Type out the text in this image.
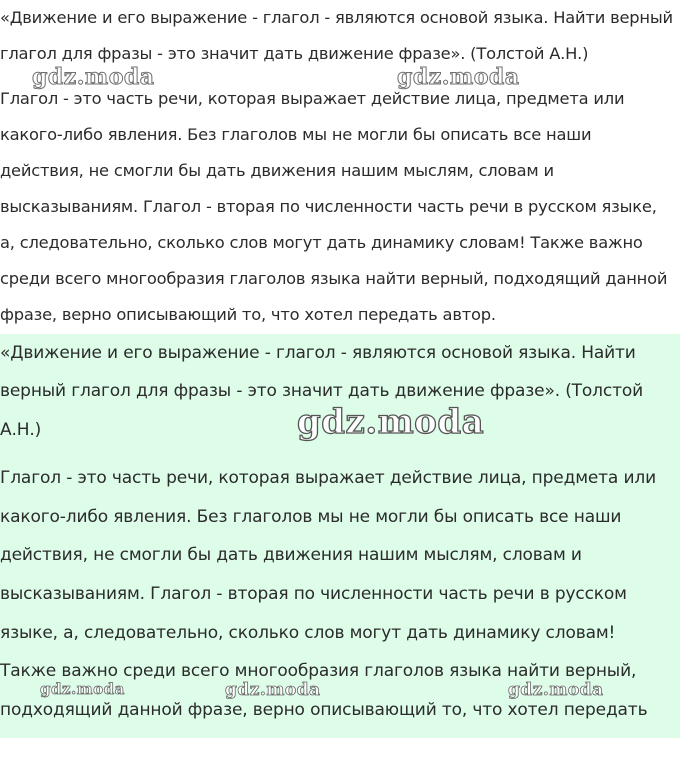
«Движение и его выражение - глагол - являются основой языка. Найти верный
глагол для фразы - это значит дать движение фразе». (Толстой А.Н.)
Глагол - это часть речи, которая выражает действие лица, предмета или
какого-либо явления. Без глаголов мы не могли бы описать все наши
действия, не смогли бы дать движения нашим мыслям, словам и
высказываниям. Глагол - вторая по численности часть речи в русском языке,
а, следовательно, сколько слов могут дать динамику словам! Также важно
среди всего многообразия глаголов языка найти верный, подходящий данной
фразе, верно описывающий то, что хотел передать автор.
gdz.moda	gdz.moda
«Движение и его выражение - глагол - являются основой языка. Найти
верный глагол для фразы - это значит дать движение фразе». (Толстой
А.Н.)
Глагол - это часть речи, которая выражает действие лица, предмета или
какого-либо явления. Без глаголов мы не могли бы описать все наши
действия, не смогли бы дать движения нашим мыслям, словам и
высказываниям. Глагол - вторая по численности часть речи в русском
языке, а, следовательно, сколько слов могут дать динамику словам!
Также важно среди всего многообразия глаголов языка найти верный,
подходящий данной фразе, верно описывающий то, что хотел передать
gdz.moda
gdz.moda	gdz.moda	gdz.moda
